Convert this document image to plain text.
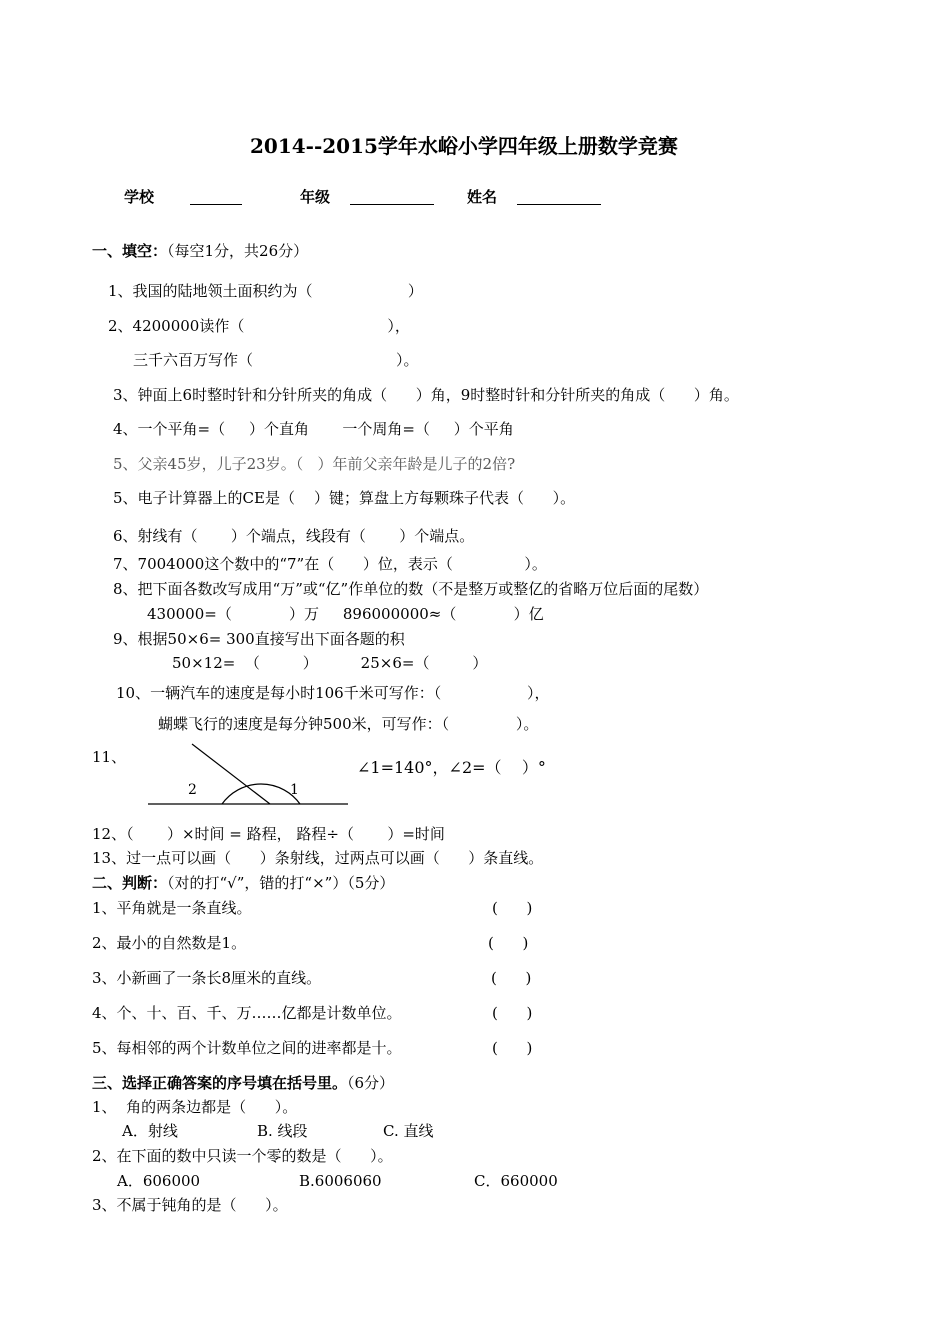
2014--2015学年水峪小学四年级上册数学竞赛
学校	年级	姓名
一、填空：（每空1分，共26分）
1、我国的陆地领土面积约为（                    ）
2、4200000读作（                              ），
三千六百万写作（                              ）。
3、钟面上6时整时针和分针所夹的角成（      ）角，9时整时针和分针所夹的角成（      ）角。
4、一个平角=（     ）个直角       一个周角=（     ）个平角
5、父亲45岁，儿子23岁。（   ）年前父亲年龄是儿子的2倍?
5、电子计算器上的CE是（    ）键；算盘上方每颗珠子代表（      ）。
6、射线有（       ）个端点，线段有（       ）个端点。
7、7004000这个数中的“7”在（      ）位，表示（               ）。
8、把下面各数改写成用“万”或“亿”作单位的数（不是整万或整亿的省略万位后面的尾数）
430000=（            ）万     896000000≈（            ）亿
9、根据50×6= 300直接写出下面各题的积
50×12=  （         ）         25×6=（         ）
10、一辆汽车的速度是每小时106千米可写作：（                  ），
蝴蝶飞行的速度是每分钟500米，可写作：（              ）。
11、
2	1
∠1=140°，∠2=（    ）°
12、（       ）×时间 = 路程， 路程÷（       ）=时间
13、过一点可以画（      ）条射线，过两点可以画（      ）条直线。
二、判断：（对的打“√”，错的打“×”）（5分）
1、平角就是一条直线。	(      )
2、最小的自然数是1。	(      )
3、小新画了一条长8厘米的直线。	(      )
4、个、十、百、千、万……亿都是计数单位。	(      )
5、每相邻的两个计数单位之间的进率都是十。	(      )
三、选择正确答案的序号填在括号里。（6分）
1、  角的两条边都是（      ）。
A．射线	B. 线段	C. 直线
2、在下面的数中只读一个零的数是（      ）。
A．606000	B.6006060	C．660000
3、不属于钝角的是（      ）。
